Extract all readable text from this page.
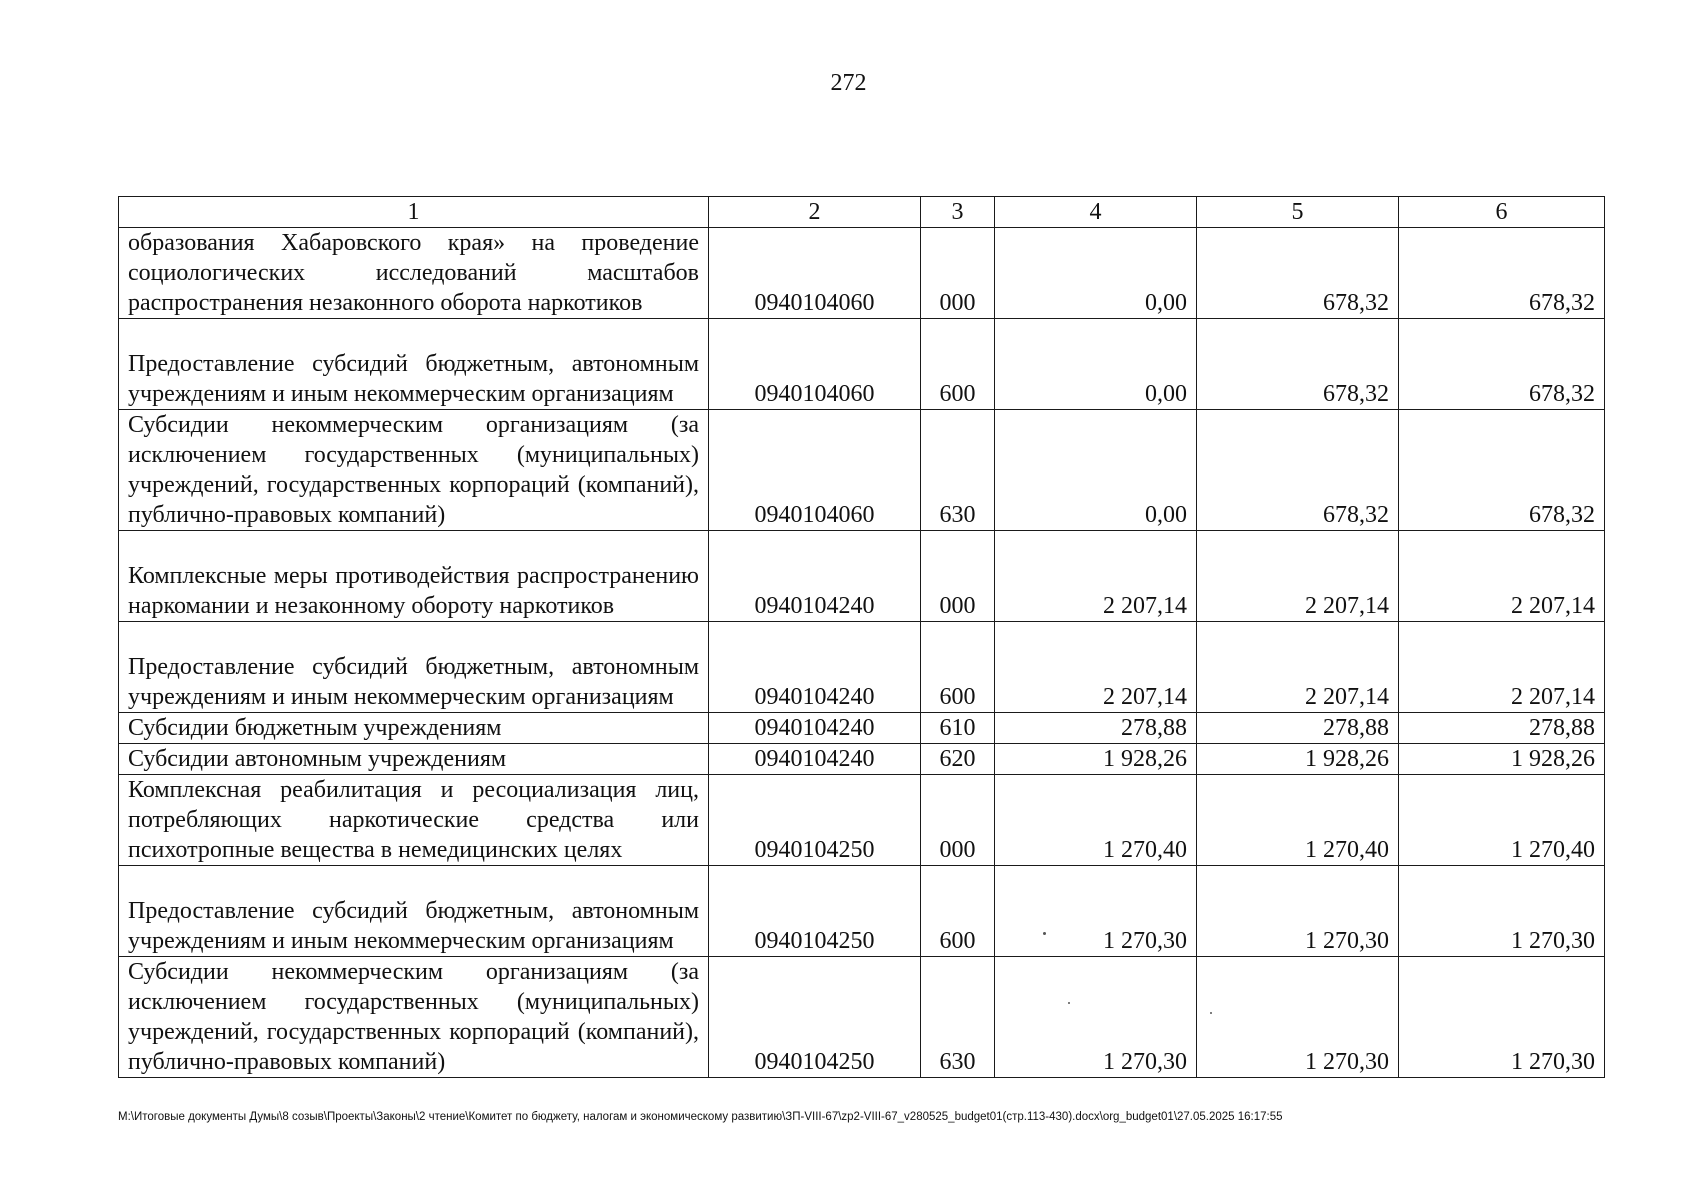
272
1	2	3	4	5	6
образования Хабаровского края» на проведение социологических исследований масштабов распространения незаконного оборота наркотиков	0940104060	000	0,00	678,32	678,32
Предоставление субсидий бюджетным, автономным учреждениям и иным некоммерческим организациям	0940104060	600	0,00	678,32	678,32
Субсидии некоммерческим организациям (за исключением государственных (муниципальных) учреждений, государственных корпораций (компаний), публично-правовых компаний)	0940104060	630	0,00	678,32	678,32
Комплексные меры противодействия распространению наркомании и незаконному обороту наркотиков	0940104240	000	2 207,14	2 207,14	2 207,14
Предоставление субсидий бюджетным, автономным учреждениям и иным некоммерческим организациям	0940104240	600	2 207,14	2 207,14	2 207,14
Субсидии бюджетным учреждениям	0940104240	610	278,88	278,88	278,88
Субсидии автономным учреждениям	0940104240	620	1 928,26	1 928,26	1 928,26
Комплексная реабилитация и ресоциализация лиц, потребляющих наркотические средства или психотропные вещества в немедицинских целях	0940104250	000	1 270,40	1 270,40	1 270,40
Предоставление субсидий бюджетным, автономным учреждениям и иным некоммерческим организациям	0940104250	600	1 270,30	1 270,30	1 270,30
Субсидии некоммерческим организациям (за исключением государственных (муниципальных) учреждений, государственных корпораций (компаний), публично-правовых компаний)	0940104250	630	1 270,30	1 270,30	1 270,30
M:\Итоговые документы Думы\8 созыв\Проекты\Законы\2 чтение\Комитет по бюджету, налогам и экономическому развитию\ЗП-VIII-67\zp2-VIII-67_v280525_budget01(стр.113-430).docx\org_budget01\27.05.2025 16:17:55
